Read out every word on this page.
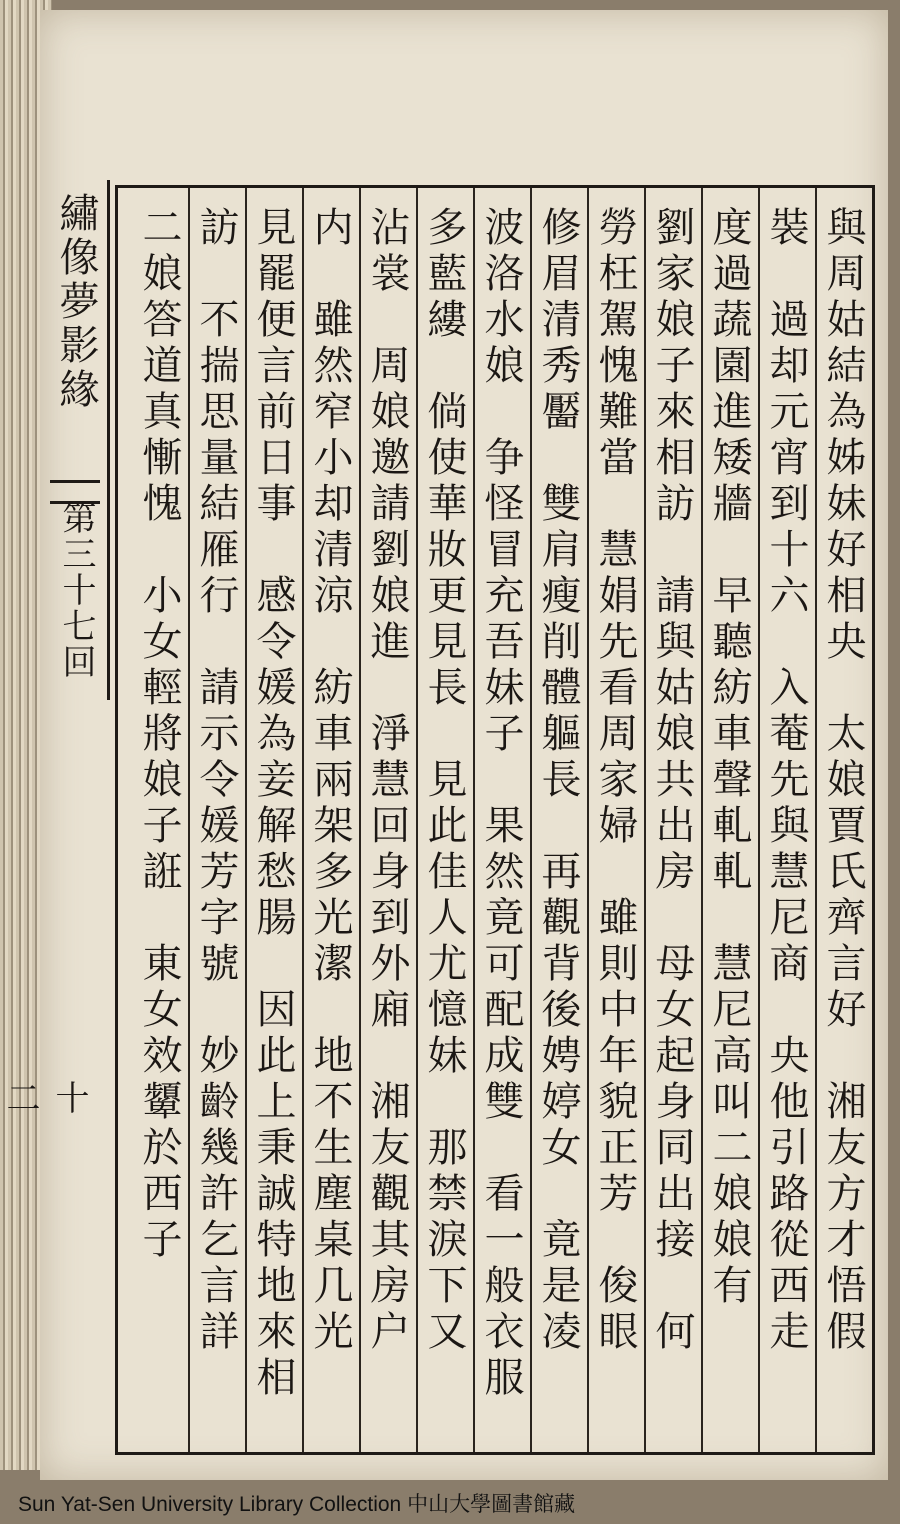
繡像夢影緣
第三十七回
十二	與周姑結為姊妹好相央　太娘賈氏齊言好　湘友方才悟假
裝　過却元宵到十六　入菴先與慧尼商　央他引路從西走
度過蔬園進矮牆　早聽紡車聲軋軋　慧尼高叫二娘娘有
劉家娘子來相訪　請與姑娘共出房　母女起身同出接　何
勞枉駕愧難當　慧娟先看周家婦　雖則中年貌正芳　俊眼
修眉清秀靨　雙肩瘦削體軀長　再觀背後娉婷女　竟是凌
波洛水娘　争怪冒充吾妹子　果然竟可配成雙　看一般衣服
多藍縷　倘使華妝更見長　見此佳人尤憶妹　那禁淚下又
沾裳　周娘邀請劉娘進　淨慧回身到外廂　湘友觀其房户
内　雖然窄小却清涼　紡車兩架多光潔　地不生塵桌几光
見罷便言前日事　感令媛為妾解愁腸　因此上秉誠特地來相
訪　不揣思量結雁行　請示令媛芳字號　妙齡幾許乞言詳
二娘答道真慚愧　小女輕將娘子誑　東女效顰於西子
Sun Yat-Sen University Library Collection 中山大學圖書館藏
